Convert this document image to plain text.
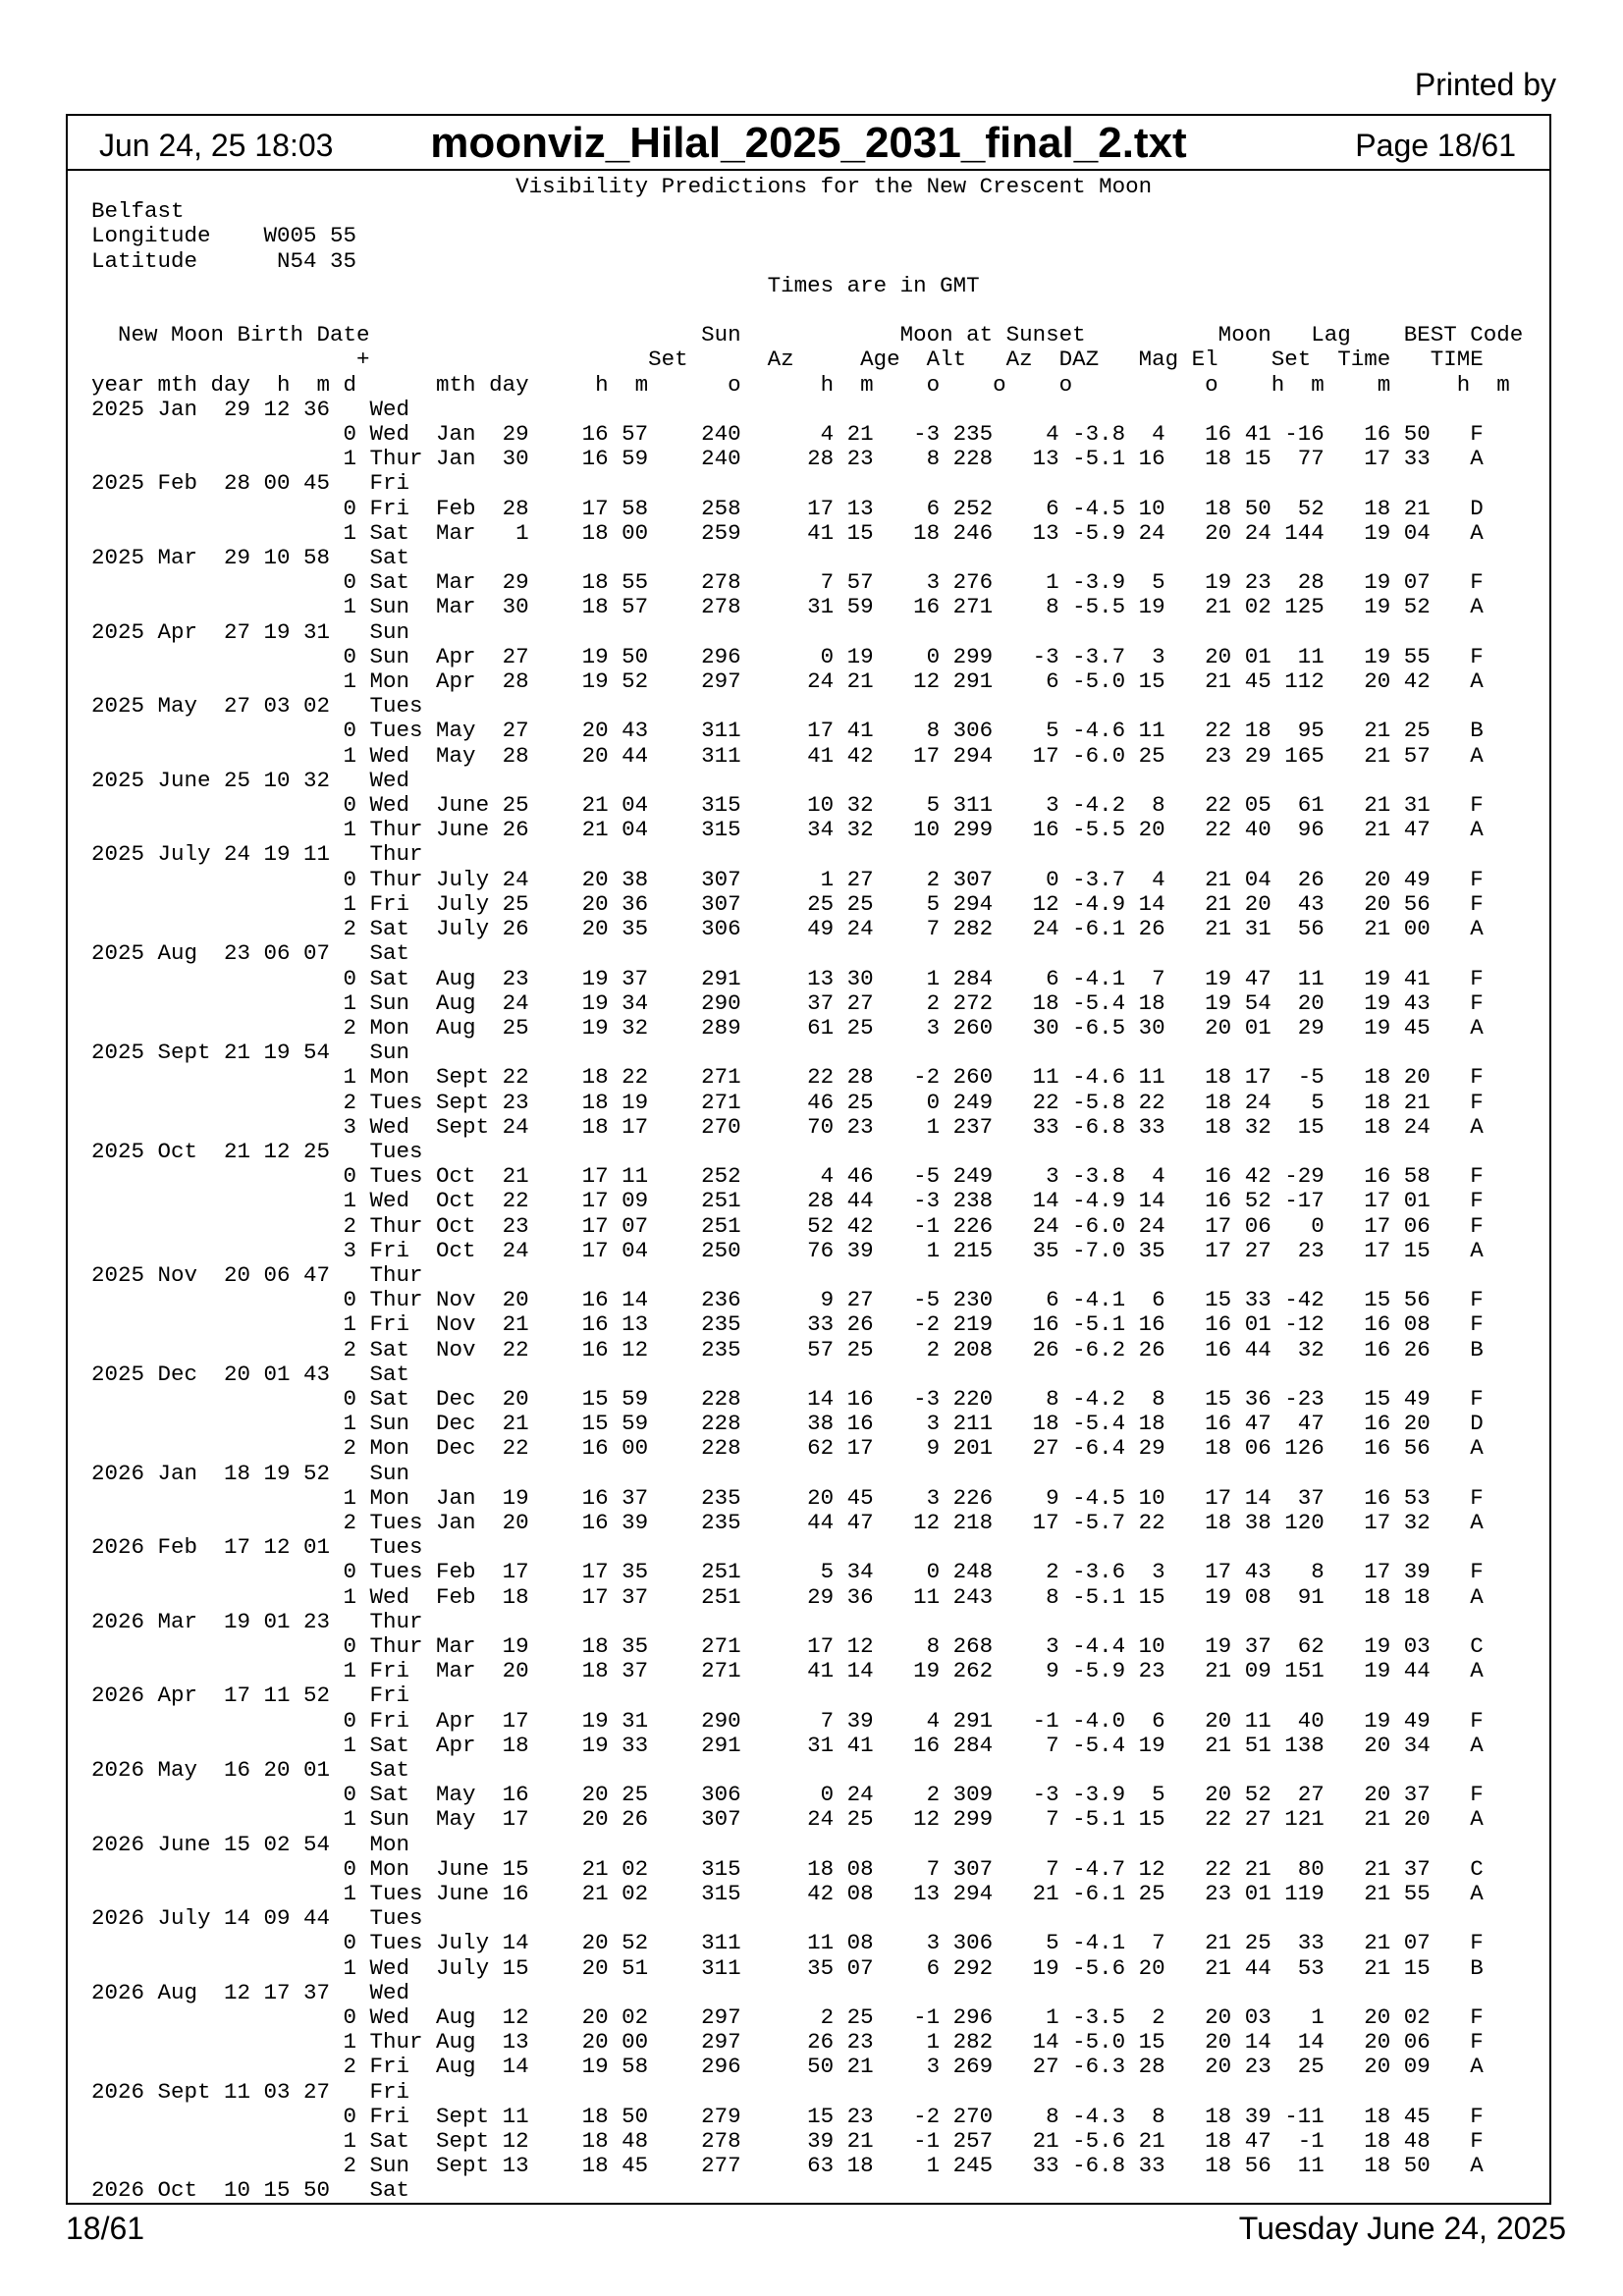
Printed by
Jun 24, 25 18:03	moonviz_Hilal_2025_2031_final_2.txt	Page 18/61
Visibility Predictions for the New Crescent Moon
Belfast
Longitude    W005 55
Latitude      N54 35
Times are in GMT

New Moon Birth Date                         Sun            Moon at Sunset          Moon   Lag    BEST Code
+                     Set      Az     Age  Alt   Az  DAZ   Mag El    Set  Time   TIME
year mth day  h  m d      mth day     h  m      o      h  m    o    o    o          o    h  m    m     h  m
2025 Jan  29 12 36   Wed
0 Wed  Jan  29    16 57    240      4 21   -3 235    4 -3.8  4   16 41 -16   16 50   F
1 Thur Jan  30    16 59    240     28 23    8 228   13 -5.1 16   18 15  77   17 33   A
2025 Feb  28 00 45   Fri
0 Fri  Feb  28    17 58    258     17 13    6 252    6 -4.5 10   18 50  52   18 21   D
1 Sat  Mar   1    18 00    259     41 15   18 246   13 -5.9 24   20 24 144   19 04   A
2025 Mar  29 10 58   Sat
0 Sat  Mar  29    18 55    278      7 57    3 276    1 -3.9  5   19 23  28   19 07   F
1 Sun  Mar  30    18 57    278     31 59   16 271    8 -5.5 19   21 02 125   19 52   A
2025 Apr  27 19 31   Sun
0 Sun  Apr  27    19 50    296      0 19    0 299   -3 -3.7  3   20 01  11   19 55   F
1 Mon  Apr  28    19 52    297     24 21   12 291    6 -5.0 15   21 45 112   20 42   A
2025 May  27 03 02   Tues
0 Tues May  27    20 43    311     17 41    8 306    5 -4.6 11   22 18  95   21 25   B
1 Wed  May  28    20 44    311     41 42   17 294   17 -6.0 25   23 29 165   21 57   A
2025 June 25 10 32   Wed
0 Wed  June 25    21 04    315     10 32    5 311    3 -4.2  8   22 05  61   21 31   F
1 Thur June 26    21 04    315     34 32   10 299   16 -5.5 20   22 40  96   21 47   A
2025 July 24 19 11   Thur
0 Thur July 24    20 38    307      1 27    2 307    0 -3.7  4   21 04  26   20 49   F
1 Fri  July 25    20 36    307     25 25    5 294   12 -4.9 14   21 20  43   20 56   F
2 Sat  July 26    20 35    306     49 24    7 282   24 -6.1 26   21 31  56   21 00   A
2025 Aug  23 06 07   Sat
0 Sat  Aug  23    19 37    291     13 30    1 284    6 -4.1  7   19 47  11   19 41   F
1 Sun  Aug  24    19 34    290     37 27    2 272   18 -5.4 18   19 54  20   19 43   F
2 Mon  Aug  25    19 32    289     61 25    3 260   30 -6.5 30   20 01  29   19 45   A
2025 Sept 21 19 54   Sun
1 Mon  Sept 22    18 22    271     22 28   -2 260   11 -4.6 11   18 17  -5   18 20   F
2 Tues Sept 23    18 19    271     46 25    0 249   22 -5.8 22   18 24   5   18 21   F
3 Wed  Sept 24    18 17    270     70 23    1 237   33 -6.8 33   18 32  15   18 24   A
2025 Oct  21 12 25   Tues
0 Tues Oct  21    17 11    252      4 46   -5 249    3 -3.8  4   16 42 -29   16 58   F
1 Wed  Oct  22    17 09    251     28 44   -3 238   14 -4.9 14   16 52 -17   17 01   F
2 Thur Oct  23    17 07    251     52 42   -1 226   24 -6.0 24   17 06   0   17 06   F
3 Fri  Oct  24    17 04    250     76 39    1 215   35 -7.0 35   17 27  23   17 15   A
2025 Nov  20 06 47   Thur
0 Thur Nov  20    16 14    236      9 27   -5 230    6 -4.1  6   15 33 -42   15 56   F
1 Fri  Nov  21    16 13    235     33 26   -2 219   16 -5.1 16   16 01 -12   16 08   F
2 Sat  Nov  22    16 12    235     57 25    2 208   26 -6.2 26   16 44  32   16 26   B
2025 Dec  20 01 43   Sat
0 Sat  Dec  20    15 59    228     14 16   -3 220    8 -4.2  8   15 36 -23   15 49   F
1 Sun  Dec  21    15 59    228     38 16    3 211   18 -5.4 18   16 47  47   16 20   D
2 Mon  Dec  22    16 00    228     62 17    9 201   27 -6.4 29   18 06 126   16 56   A
2026 Jan  18 19 52   Sun
1 Mon  Jan  19    16 37    235     20 45    3 226    9 -4.5 10   17 14  37   16 53   F
2 Tues Jan  20    16 39    235     44 47   12 218   17 -5.7 22   18 38 120   17 32   A
2026 Feb  17 12 01   Tues
0 Tues Feb  17    17 35    251      5 34    0 248    2 -3.6  3   17 43   8   17 39   F
1 Wed  Feb  18    17 37    251     29 36   11 243    8 -5.1 15   19 08  91   18 18   A
2026 Mar  19 01 23   Thur
0 Thur Mar  19    18 35    271     17 12    8 268    3 -4.4 10   19 37  62   19 03   C
1 Fri  Mar  20    18 37    271     41 14   19 262    9 -5.9 23   21 09 151   19 44   A
2026 Apr  17 11 52   Fri
0 Fri  Apr  17    19 31    290      7 39    4 291   -1 -4.0  6   20 11  40   19 49   F
1 Sat  Apr  18    19 33    291     31 41   16 284    7 -5.4 19   21 51 138   20 34   A
2026 May  16 20 01   Sat
0 Sat  May  16    20 25    306      0 24    2 309   -3 -3.9  5   20 52  27   20 37   F
1 Sun  May  17    20 26    307     24 25   12 299    7 -5.1 15   22 27 121   21 20   A
2026 June 15 02 54   Mon
0 Mon  June 15    21 02    315     18 08    7 307    7 -4.7 12   22 21  80   21 37   C
1 Tues June 16    21 02    315     42 08   13 294   21 -6.1 25   23 01 119   21 55   A
2026 July 14 09 44   Tues
0 Tues July 14    20 52    311     11 08    3 306    5 -4.1  7   21 25  33   21 07   F
1 Wed  July 15    20 51    311     35 07    6 292   19 -5.6 20   21 44  53   21 15   B
2026 Aug  12 17 37   Wed
0 Wed  Aug  12    20 02    297      2 25   -1 296    1 -3.5  2   20 03   1   20 02   F
1 Thur Aug  13    20 00    297     26 23    1 282   14 -5.0 15   20 14  14   20 06   F
2 Fri  Aug  14    19 58    296     50 21    3 269   27 -6.3 28   20 23  25   20 09   A
2026 Sept 11 03 27   Fri
0 Fri  Sept 11    18 50    279     15 23   -2 270    8 -4.3  8   18 39 -11   18 45   F
1 Sat  Sept 12    18 48    278     39 21   -1 257   21 -5.6 21   18 47  -1   18 48   F
2 Sun  Sept 13    18 45    277     63 18    1 245   33 -6.8 33   18 56  11   18 50   A
2026 Oct  10 15 50   Sat

18/61	Tuesday June 24, 2025
